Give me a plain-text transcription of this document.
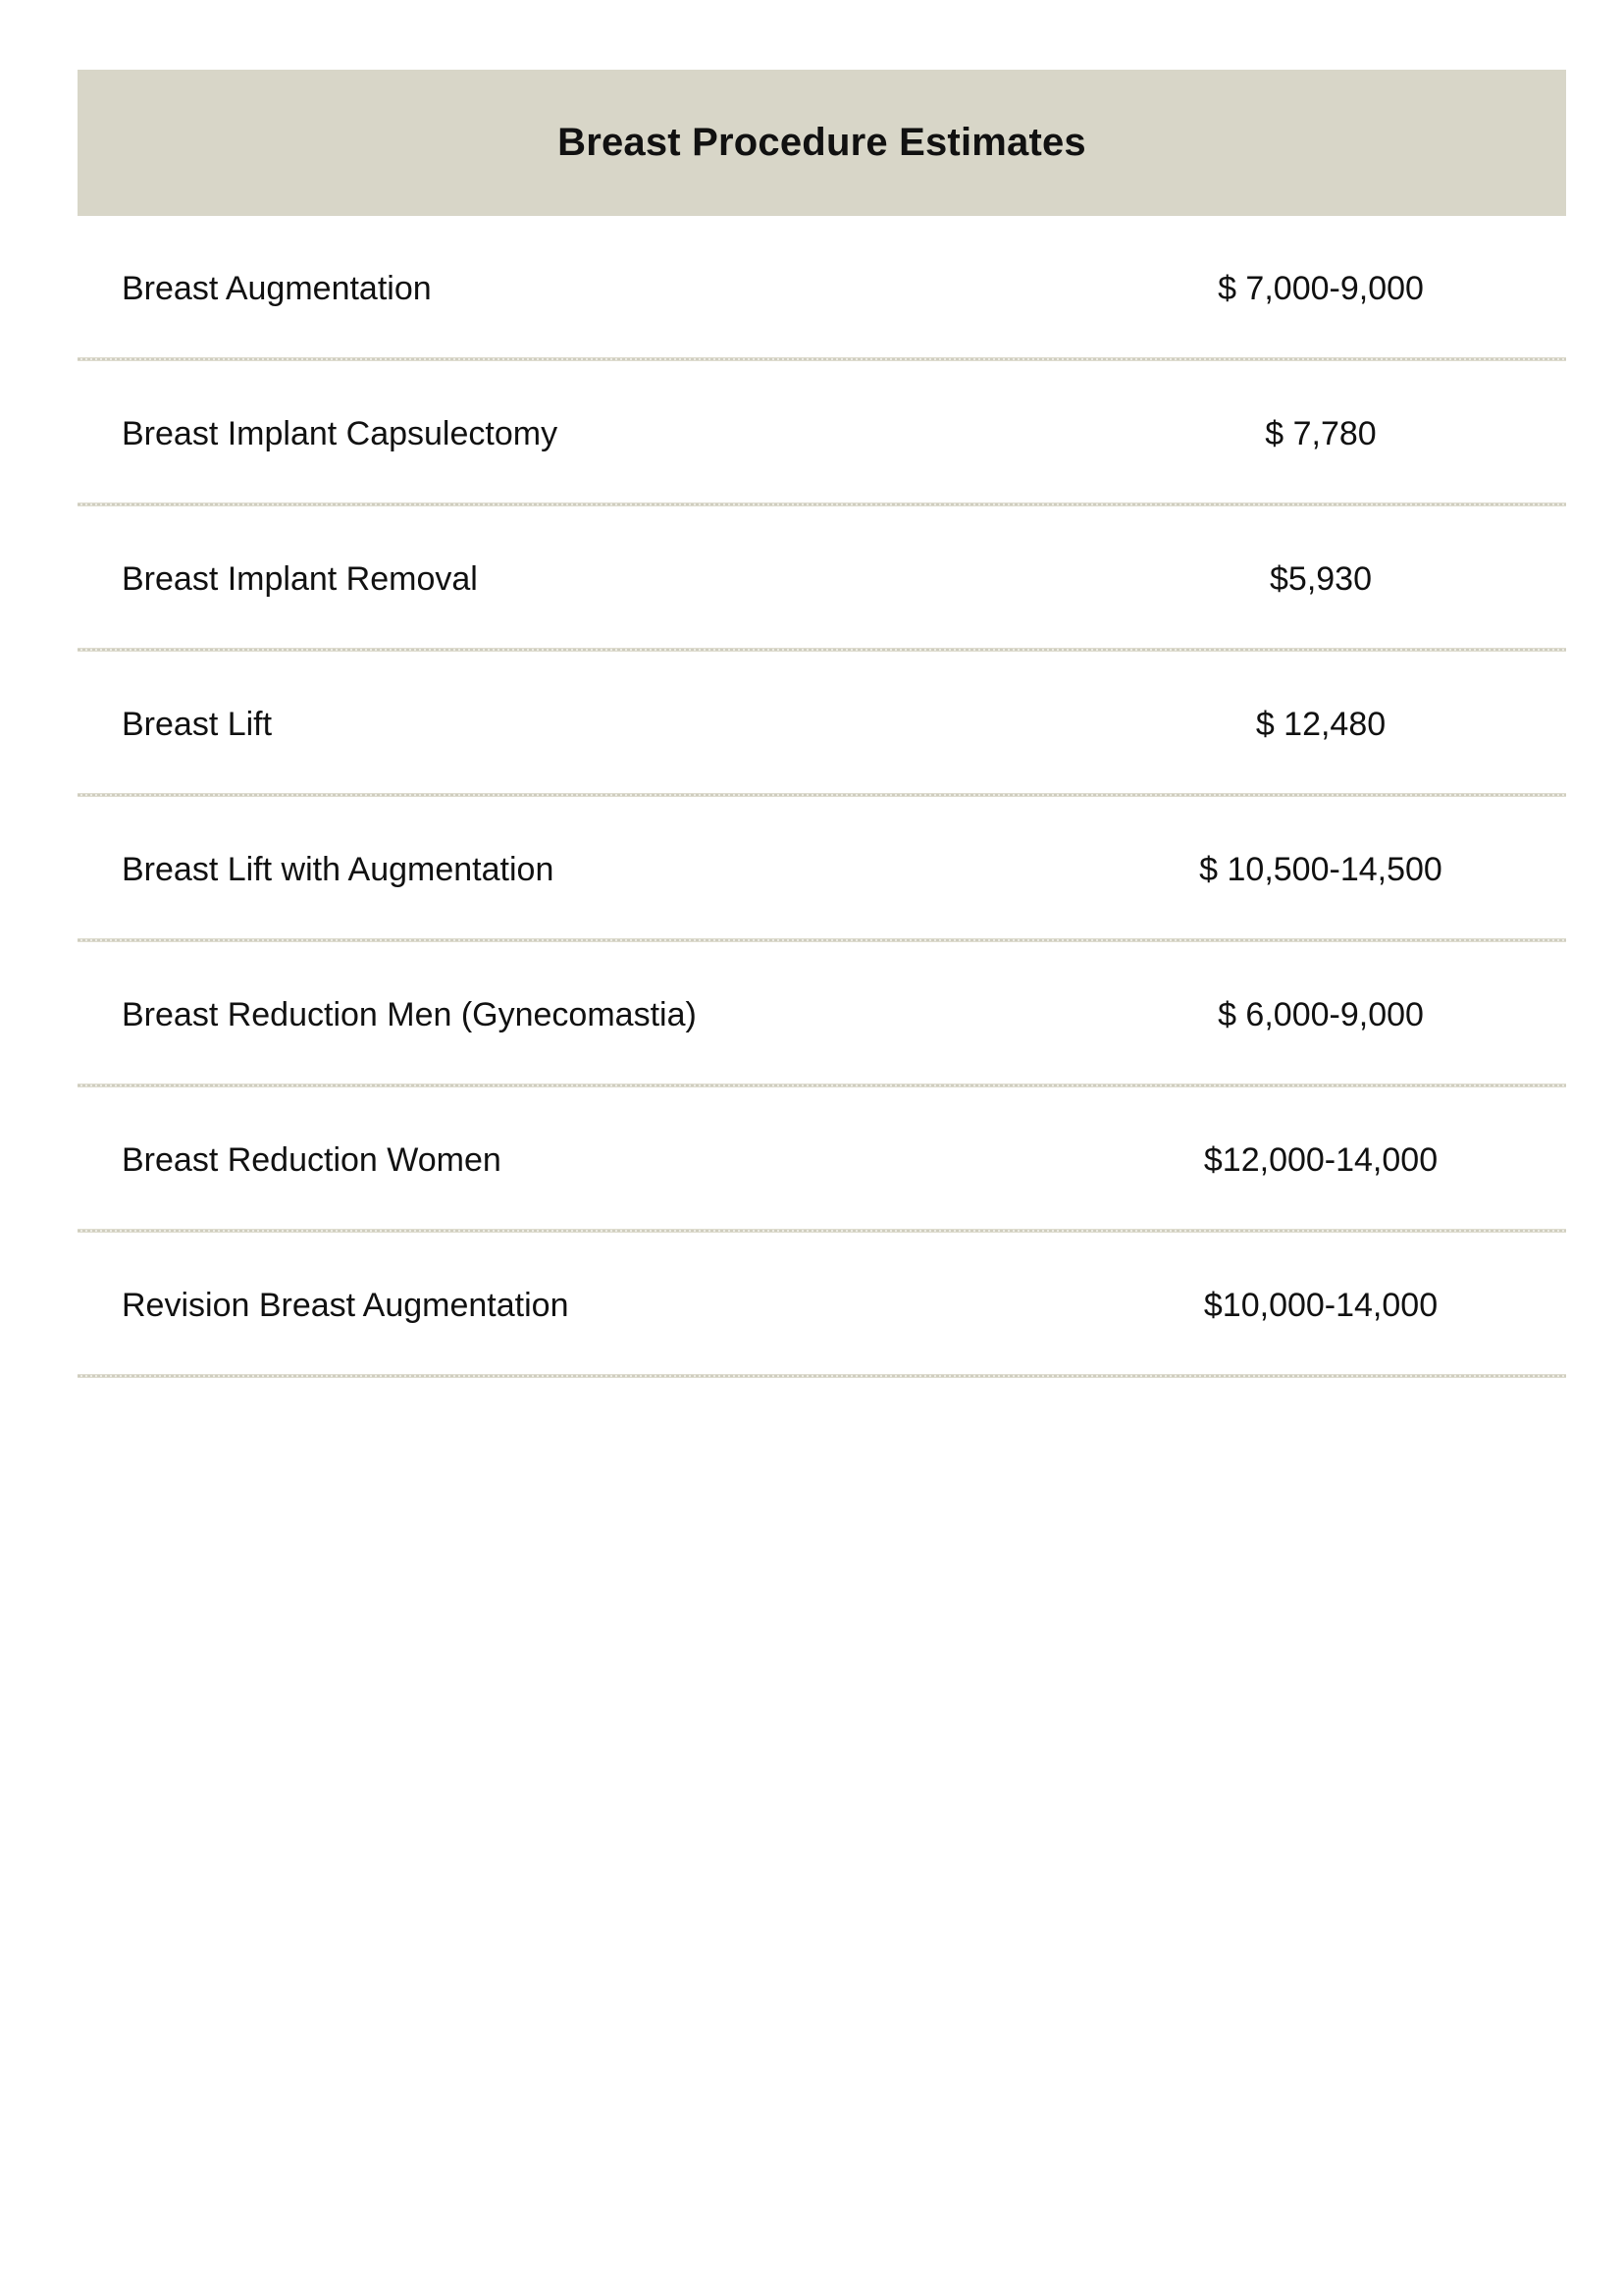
Breast Procedure Estimates
Breast Augmentation	$ 7,000-9,000
Breast Implant Capsulectomy	$ 7,780
Breast Implant Removal	$5,930
Breast Lift	$ 12,480
Breast Lift with Augmentation	$ 10,500-14,500
Breast Reduction Men (Gynecomastia)	$ 6,000-9,000
Breast Reduction Women	$12,000-14,000
Revision Breast Augmentation	$10,000-14,000
